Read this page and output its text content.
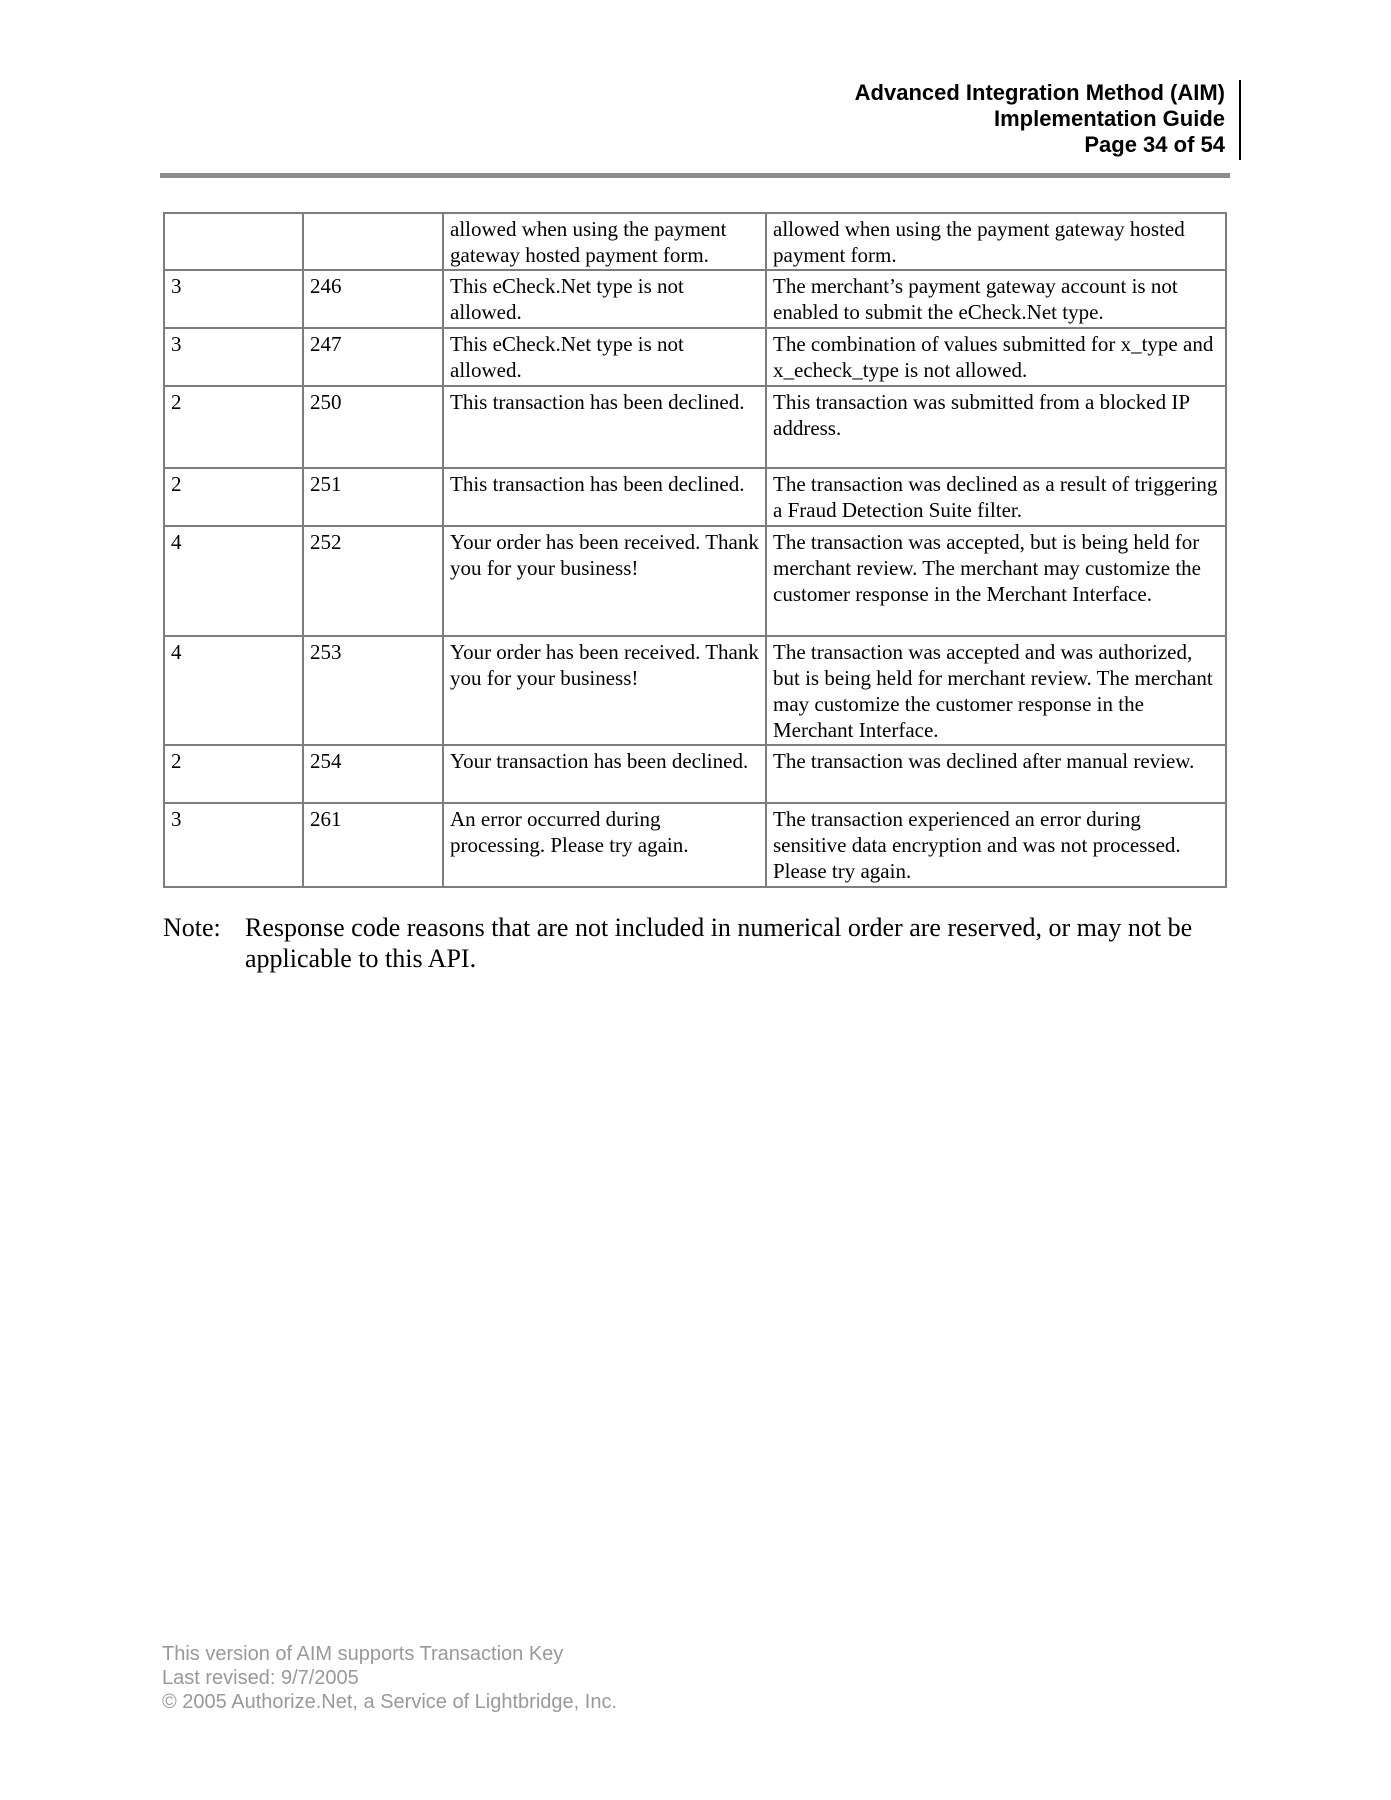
Advanced Integration Method (AIM)
Implementation Guide
Page 34 of 54
		allowed when using the payment gateway hosted payment form.	allowed when using the payment gateway hosted payment form.
3	246	This eCheck.Net type is not allowed.	The merchant’s payment gateway account is not enabled to submit the eCheck.Net type.
3	247	This eCheck.Net type is not allowed.	The combination of values submitted for x_type and x_echeck_type is not allowed.
2	250	This transaction has been declined.	This transaction was submitted from a blocked IP address.
2	251	This transaction has been declined.	The transaction was declined as a result of triggering a Fraud Detection Suite filter.
4	252	Your order has been received. Thank you for your business!	The transaction was accepted, but is being held for merchant review. The merchant may customize the customer response in the Merchant Interface.
4	253	Your order has been received. Thank you for your business!	The transaction was accepted and was authorized, but is being held for merchant review. The merchant may customize the customer response in the Merchant Interface.
2	254	Your transaction has been declined.	The transaction was declined after manual review.
3	261	An error occurred during processing. Please try again.	The transaction experienced an error during sensitive data encryption and was not processed. Please try again.
Note: Response code reasons that are not included in numerical order are reserved, or may not be applicable to this API.
This version of AIM supports Transaction Key
Last revised: 9/7/2005
© 2005 Authorize.Net, a Service of Lightbridge, Inc.
